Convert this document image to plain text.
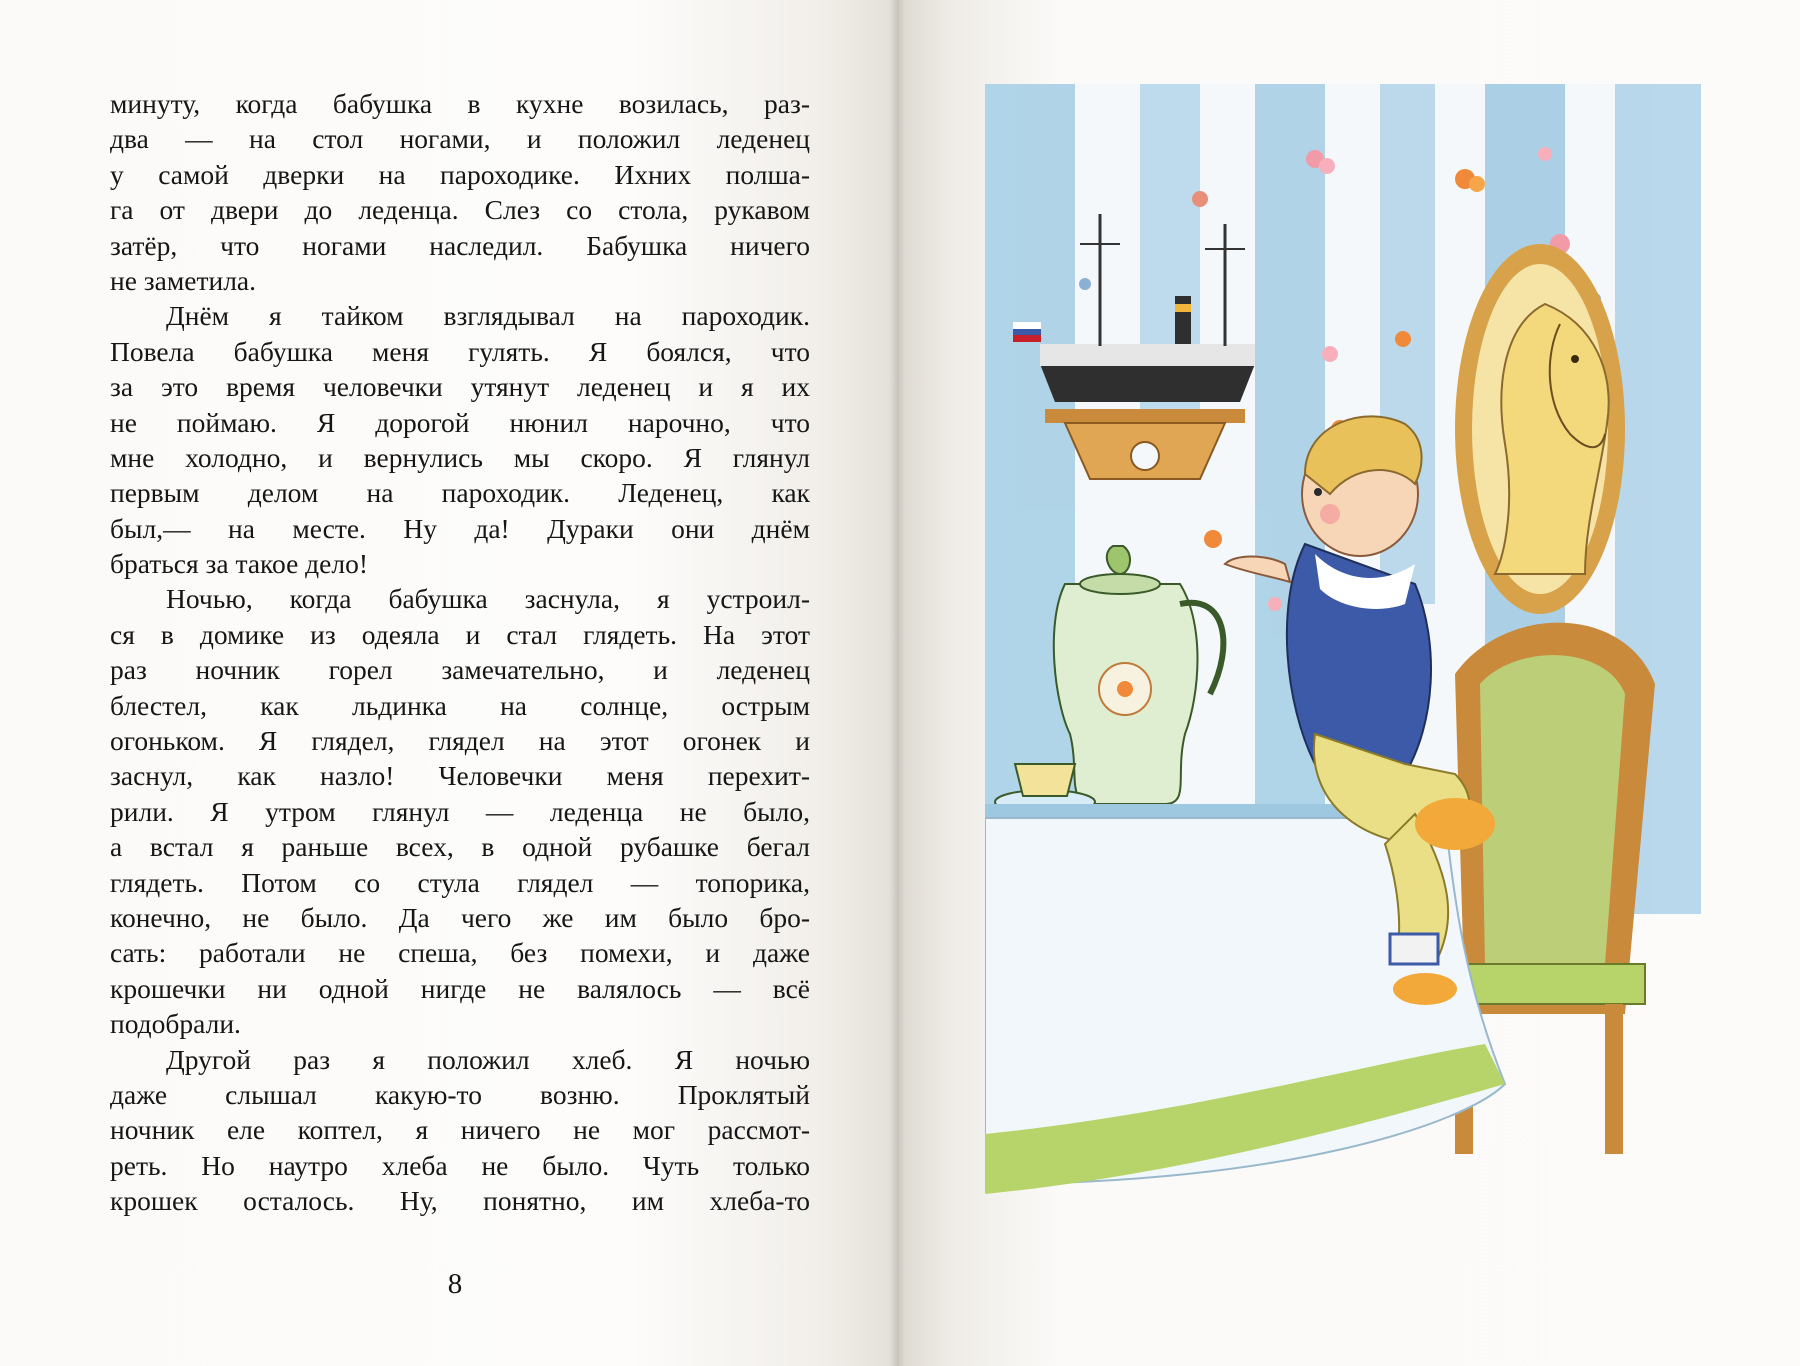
минуту, когда бабушка в кухне возилась, раз-
два — на стол ногами, и положил леденец
у самой дверки на пароходике. Ихних полша-
га от двери до леденца. Слез со стола, рукавом
затёр, что ногами наследил. Бабушка ничего
не заметила.
Днём я тайком взглядывал на пароходик.
Повела бабушка меня гулять. Я боялся, что
за это время человечки утянут леденец и я их
не поймаю. Я дорогой нюнил нарочно, что
мне холодно, и вернулись мы скоро. Я глянул
первым делом на пароходик. Леденец, как
был,— на месте. Ну да! Дураки они днём
браться за такое дело!
Ночью, когда бабушка заснула, я устроил-
ся в домике из одеяла и стал глядеть. На этот
раз ночник горел замечательно, и леденец
блестел, как льдинка на солнце, острым
огоньком. Я глядел, глядел на этот огонек и
заснул, как назло! Человечки меня перехит-
рили. Я утром глянул — леденца не было,
а встал я раньше всех, в одной рубашке бегал
глядеть. Потом со стула глядел — топорика,
конечно, не было. Да чего же им было бро-
сать: работали не спеша, без помехи, и даже
крошечки ни одной нигде не валялось — всё
подобрали.
Другой раз я положил хлеб. Я ночью
даже слышал какую-то возню. Проклятый
ночник еле коптел, я ничего не мог рассмот-
реть. Но наутро хлеба не было. Чуть только
крошек осталось. Ну, понятно, им хлеба-то
8
